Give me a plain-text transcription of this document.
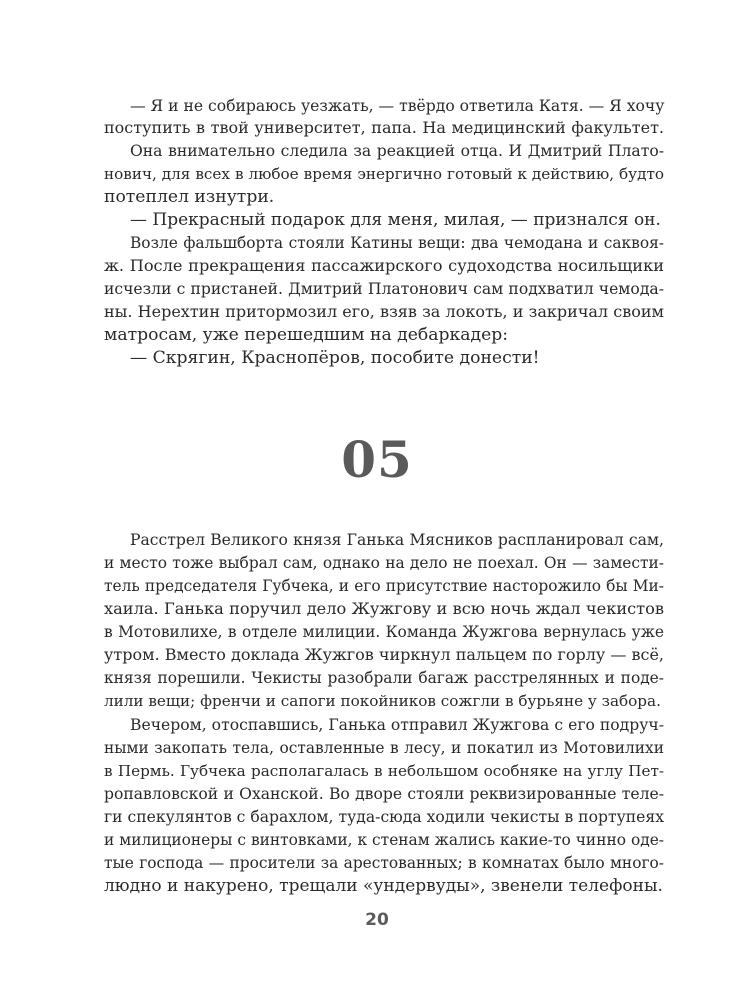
— Я и не собираюсь уезжать, — твёрдо ответила Катя. — Я хочу
поступить в твой университет, папа. На медицинский факультет.
Она внимательно следила за реакцией отца. И Дмитрий Плато-
нович, для всех в любое время энергично готовый к действию, будто
потеплел изнутри.
— Прекрасный подарок для меня, милая, — признался он.
Возле фальшборта стояли Катины вещи: два чемодана и саквоя-
ж. После прекращения пассажирского судоходства носильщики
исчезли с пристаней. Дмитрий Платонович сам подхватил чемода-
ны. Нерехтин притормозил его, взяв за локоть, и закричал своим
матросам, уже перешедшим на дебаркадер:
— Скрягин, Краснопёров, пособите донести!
05
Расстрел Великого князя Ганька Мясников распланировал сам,
и место тоже выбрал сам, однако на дело не поехал. Он — замести-
тель председателя Губчека, и его присутствие насторожило бы Ми-
хаила. Ганька поручил дело Жужгову и всю ночь ждал чекистов
в Мотовилихе, в отделе милиции. Команда Жужгова вернулась уже
утром. Вместо доклада Жужгов чиркнул пальцем по горлу — всё,
князя порешили. Чекисты разобрали багаж расстрелянных и поде-
лили вещи; френчи и сапоги покойников сожгли в бурьяне у забора.
Вечером, отоспавшись, Ганька отправил Жужгова с его подруч-
ными закопать тела, оставленные в лесу, и покатил из Мотовилихи
в Пермь. Губчека располагалась в небольшом особняке на углу Пет-
ропавловской и Оханской. Во дворе стояли реквизированные теле-
ги спекулянтов с барахлом, туда-сюда ходили чекисты в портупеях
и милиционеры с винтовками, к стенам жались какие-то чинно оде-
тые господа — просители за арестованных; в комнатах было много-
людно и накурено, трещали «ундервуды», звенели телефоны.
20
